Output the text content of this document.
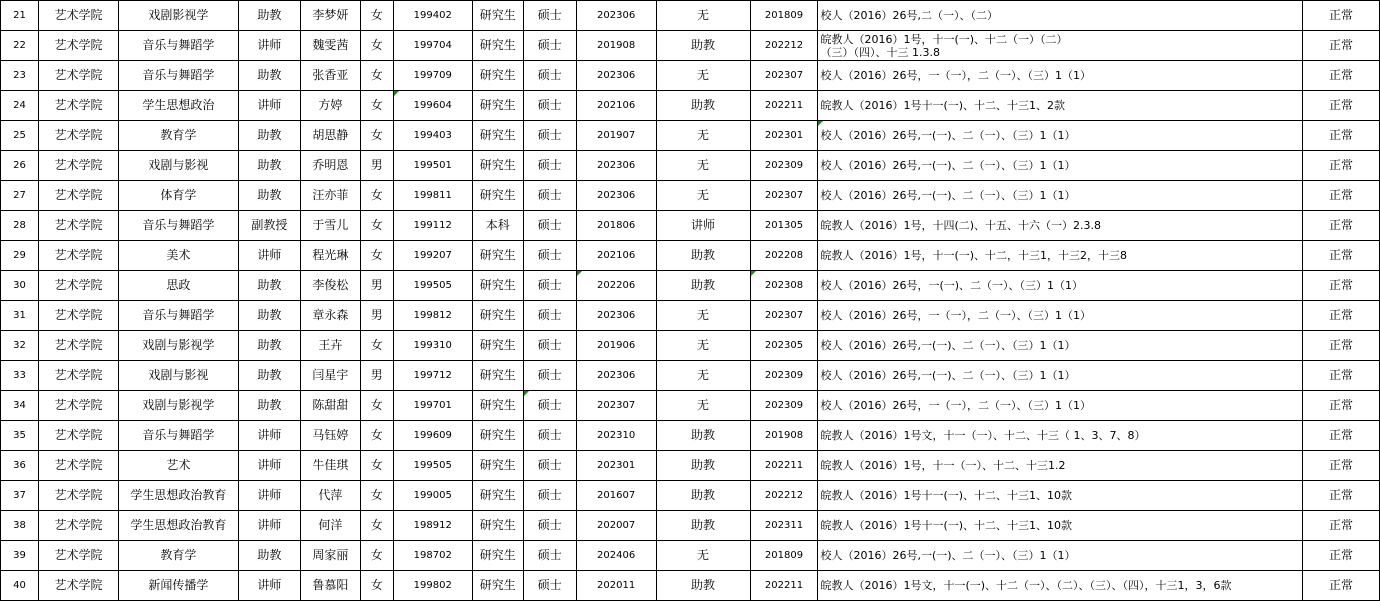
21	艺术学院	戏剧影视学	助教	李梦妍	女	199402	研究生	硕士	202306	无	201809	校人（2016）26号,二（一）、（二）	正常
22	艺术学院	音乐与舞蹈学	讲师	魏雯茜	女	199704	研究生	硕士	201908	助教	202212	皖教人（2016）1号，十一(一)、十二（一）（二）
（三）（四）、十三 1.3.8	正常
23	艺术学院	音乐与舞蹈学	助教	张香亚	女	199709	研究生	硕士	202306	无	202307	校人（2016）26号，一（一），二（一）、（三）1（1）	正常
24	艺术学院	学生思想政治	讲师	方婷	女	199604	研究生	硕士	202106	助教	202211	皖教人（2016）1号十一(一)、十二、十三1、2款	正常
25	艺术学院	教育学	助教	胡思静	女	199403	研究生	硕士	201907	无	202301	校人（2016）26号,一(一)、二（一）、（三）1（1）	正常
26	艺术学院	戏剧与影视	助教	乔明恩	男	199501	研究生	硕士	202306	无	202309	校人（2016）26号,一(一)、二（一）、（三）1（1）	正常
27	艺术学院	体育学	助教	汪亦菲	女	199811	研究生	硕士	202306	无	202307	校人（2016）26号,一(一)、二（一）、（三）1（1）	正常
28	艺术学院	音乐与舞蹈学	副教授	于雪儿	女	199112	本科	硕士	201806	讲师	201305	皖教人（2016）1号，十四(二)、十五、十六（一）2.3.8	正常
29	艺术学院	美术	讲师	程光琳	女	199207	研究生	硕士	202106	助教	202208	皖教人（2016）1号，十一(一)、十二，十三1，十三2，十三8	正常
30	艺术学院	思政	助教	李俊松	男	199505	研究生	硕士	202206	助教	202308	校人（2016）26号，一(一)、二（一）、（三）1（1）	正常
31	艺术学院	音乐与舞蹈学	助教	章永森	男	199812	研究生	硕士	202306	无	202307	校人（2016）26号，一（一），二（一）、（三）1（1）	正常
32	艺术学院	戏剧与影视学	助教	王卉	女	199310	研究生	硕士	201906	无	202305	校人（2016）26号,一(一)、二（一）、（三）1（1）	正常
33	艺术学院	戏剧与影视	助教	闫星宇	男	199712	研究生	硕士	202306	无	202309	校人（2016）26号,一(一)、二（一）、（三）1（1）	正常
34	艺术学院	戏剧与影视学	助教	陈甜甜	女	199701	研究生	硕士	202307	无	202309	校人（2016）26号，一（一），二（一）、（三）1（1）	正常
35	艺术学院	音乐与舞蹈学	讲师	马钰婷	女	199609	研究生	硕士	202310	助教	201908	皖教人（2016）1号文，十一（一）、十二、十三（ 1、3、7、8）	正常
36	艺术学院	艺术	讲师	牛佳琪	女	199505	研究生	硕士	202301	助教	202211	皖教人（2016）1号，十一（一）、十二、十三1.2	正常
37	艺术学院	学生思想政治教育	讲师	代萍	女	199005	研究生	硕士	201607	助教	202212	皖教人（2016）1号十一(一)、十二、十三1、10款	正常
38	艺术学院	学生思想政治教育	讲师	何洋	女	198912	研究生	硕士	202007	助教	202311	皖教人（2016）1号十一(一)、十二、十三1、10款	正常
39	艺术学院	教育学	助教	周家丽	女	198702	研究生	硕士	202406	无	201809	校人（2016）26号,一(一)、二（一）、（三）1（1）	正常
40	艺术学院	新闻传播学	讲师	鲁慕阳	女	199802	研究生	硕士	202011	助教	202211	皖教人（2016）1号文，十一(一)、十二（一）、（二）、（三）、（四），十三1，3，6款	正常
